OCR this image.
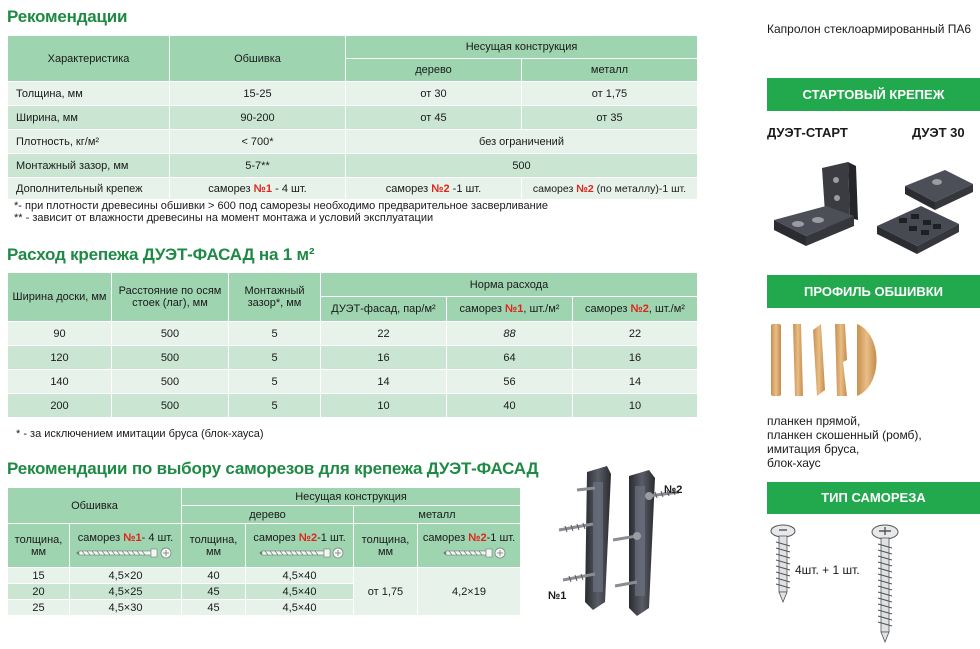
Рекомендации
Характеристика	Обшивка	Несущая конструкция	
		дерево	металл
Толщина, мм	15-25	от 30	от 1,75
Ширина, мм	90-200	от 45	от 35
Плотность, кг/м²	< 700*	без ограничений	
Монтажный зазор, мм	5-7**	500	
Дополнительный крепеж	саморез №1 - 4 шт.	саморез №2 -1 шт.	саморез №2 (по металлу)-1 шт.
*- при плотности древесины обшивки > 600 под саморезы необходимо предварительное засверливание
** - зависит от влажности древесины на момент монтажа и условий эксплуатации
Расход крепежа ДУЭТ-ФАСАД на 1 м²
Ширина доски, мм	Расстояние по осям стоек (лаг), мм	Монтажный зазор*, мм	Норма расхода		
			ДУЭТ-фасад, пар/м²	саморез №1, шт./м²	саморез №2, шт./м²
90	500	5	22	88	22
120	500	5	16	64	16
140	500	5	14	56	14
200	500	5	10	40	10
* - за исключением имитации бруса (блок-хауса)
Рекомендации по выбору саморезов для крепежа ДУЭТ-ФАСАД
Обшивка		Несущая конструкция			
		дерево		металл	
толщина, мм	саморез №1- 4 шт.	толщина, мм	саморез №2-1 шт.	толщина, мм	саморез №2-1 шт.

15	4,5×20	40	4,5×40	от 1,75	4,2×19
20	4,5×25	45	4,5×40		
25	4,5×30	45	4,5×40		
№1
№2
Капролон стеклоармированный ПА6
СТАРТОВЫЙ КРЕПЕЖ
ДУЭТ-СТАРТ	ДУЭТ 30
ПРОФИЛЬ ОБШИВКИ
планкен прямой,
планкен скошенный (ромб),
имитация бруса,
блок-хаус
ТИП САМОРЕЗА
4шт. + 1 шт.
